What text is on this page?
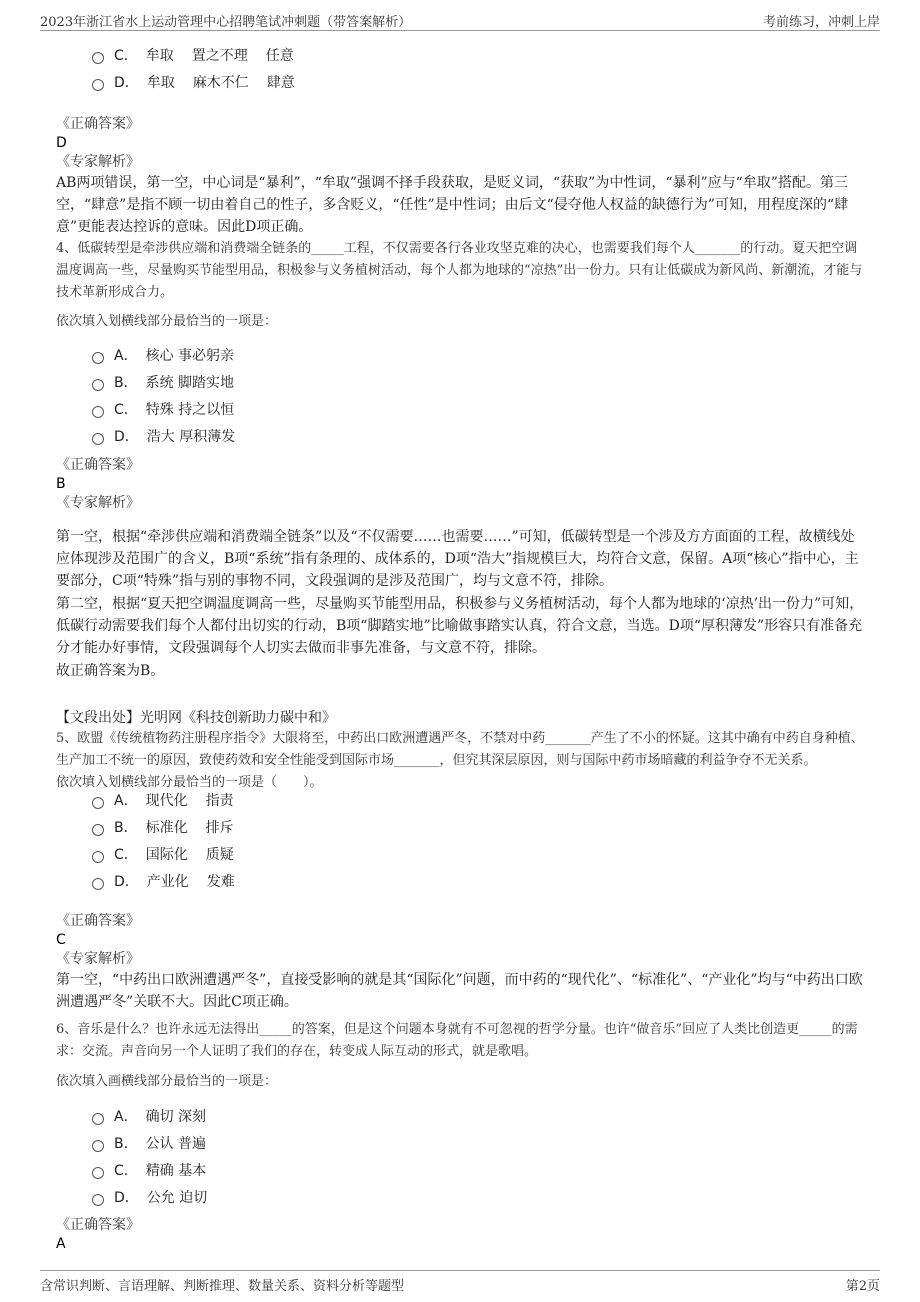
2023年浙江省水上运动管理中心招聘笔试冲刺题（带答案解析）	考前练习，冲刺上岸
C． 牟取 置之不理 任意
D． 牟取 麻木不仁 肆意
《正确答案》
D
《专家解析》

AB两项错误，第一空，中心词是“暴利”，“牟取”强调不择手段获取，是贬义词，“获取”为中性词，“暴利”应与“牟取”搭配。第三空，“肆意”是指不顾一切由着自己的性子，多含贬义，“任性”是中性词；由后文“侵夺他人权益的缺德行为”可知，用程度深的“肆意”更能表达控诉的意味。因此D项正确。

4、低碳转型是牵涉供应端和消费端全链条的_____工程，不仅需要各行各业攻坚克难的决心，也需要我们每个人_______的行动。夏天把空调温度调高一些，尽量购买节能型用品，积极参与义务植树活动，每个人都为地球的“凉热”出一份力。只有让低碳成为新风尚、新潮流，才能与技术革新形成合力。

依次填入划横线部分最恰当的一项是：

A． 核心 事必躬亲
B． 系统 脚踏实地
C． 特殊 持之以恒
D． 浩大 厚积薄发
《正确答案》
B
《专家解析》

第一空，根据“牵涉供应端和消费端全链条”以及“不仅需要……也需要……”可知，低碳转型是一个涉及方方面面的工程，故横线处应体现涉及范围广的含义，B项“系统”指有条理的、成体系的，D项“浩大”指规模巨大，均符合文意，保留。A项“核心”指中心，主要部分，C项“特殊”指与别的事物不同，文段强调的是涉及范围广，均与文意不符，排除。

第二空，根据“夏天把空调温度调高一些，尽量购买节能型用品，积极参与义务植树活动，每个人都为地球的‘凉热’出一份力”可知，低碳行动需要我们每个人都付出切实的行动，B项“脚踏实地”比喻做事踏实认真，符合文意，当选。D项“厚积薄发”形容只有准备充分才能办好事情，文段强调每个人切实去做而非事先准备，与文意不符，排除。

故正确答案为B。

【文段出处】光明网《科技创新助力碳中和》

5、欧盟《传统植物药注册程序指令》大限将至，中药出口欧洲遭遇严冬，不禁对中药_______产生了不小的怀疑。这其中确有中药自身种植、生产加工不统一的原因，致使药效和安全性能受到国际市场_______，但究其深层原因，则与国际中药市场暗藏的利益争夺不无关系。

依次填入划横线部分最恰当的一项是（　　）。

A． 现代化 指责
B． 标准化 排斥
C． 国际化 质疑
D． 产业化 发难
《正确答案》
C
《专家解析》

第一空，“中药出口欧洲遭遇严冬”，直接受影响的就是其“国际化”问题，而中药的“现代化”、“标准化”、“产业化”均与“中药出口欧洲遭遇严冬”关联不大。因此C项正确。

6、音乐是什么？也许永远无法得出_____的答案，但是这个问题本身就有不可忽视的哲学分量。也许“做音乐”回应了人类比创造更_____的需求：交流。声音向另一个人证明了我们的存在，转变成人际互动的形式，就是歌唱。

依次填入画横线部分最恰当的一项是：

A． 确切 深刻
B． 公认 普遍
C． 精确 基本
D． 公允 迫切
《正确答案》
A
含常识判断、言语理解、判断推理、数量关系、资料分析等题型	第2页
